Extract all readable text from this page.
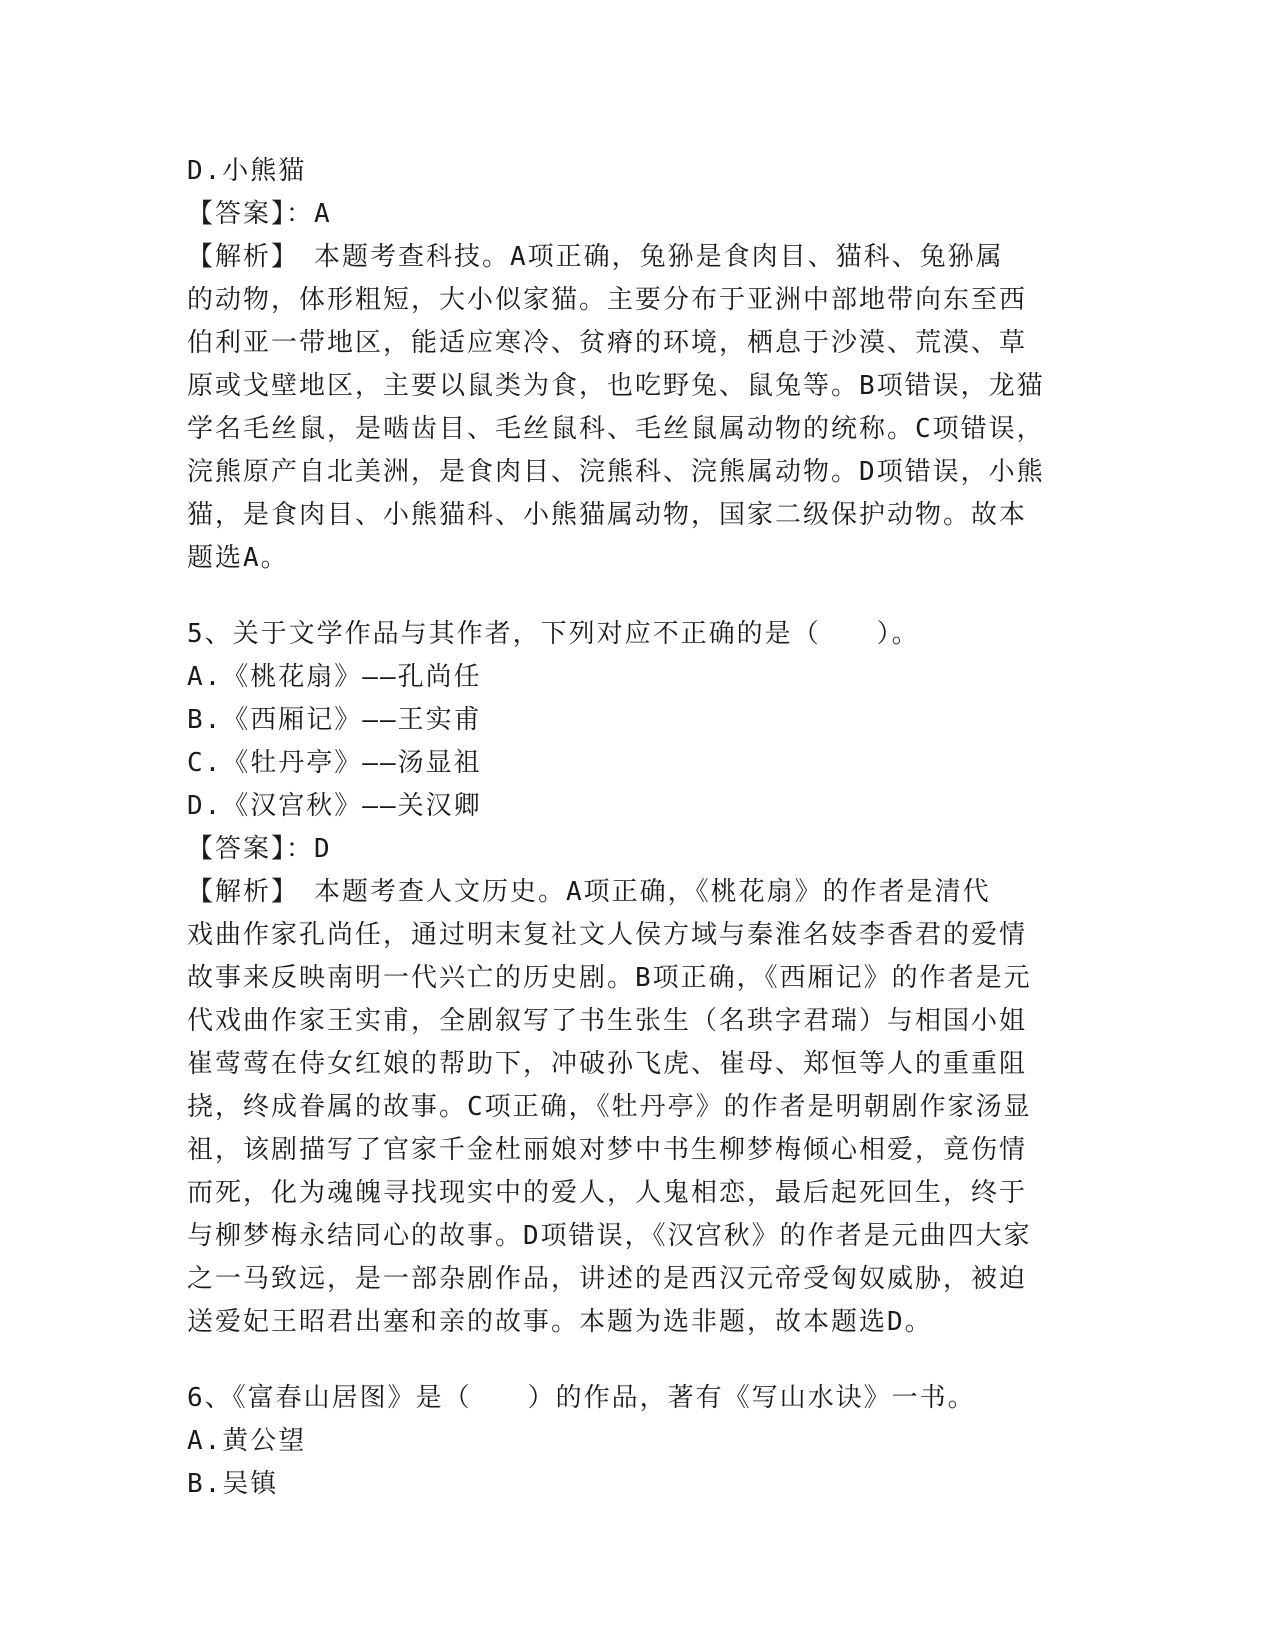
D.小熊猫
【答案】：A
【解析】　本题考查科技。A项正确，兔狲是食肉目、猫科、兔狲属
的动物，体形粗短，大小似家猫。主要分布于亚洲中部地带向东至西
伯利亚一带地区，能适应寒冷、贫瘠的环境，栖息于沙漠、荒漠、草
原或戈壁地区，主要以鼠类为食，也吃野兔、鼠兔等。B项错误，龙猫
学名毛丝鼠，是啮齿目、毛丝鼠科、毛丝鼠属动物的统称。C项错误，
浣熊原产自北美洲，是食肉目、浣熊科、浣熊属动物。D项错误，小熊
猫，是食肉目、小熊猫科、小熊猫属动物，国家二级保护动物。故本
题选A。
5、关于文学作品与其作者，下列对应不正确的是（　　）。
A.《桃花扇》——孔尚任
B.《西厢记》——王实甫
C.《牡丹亭》——汤显祖
D.《汉宫秋》——关汉卿
【答案】：D
【解析】　本题考查人文历史。A项正确，《桃花扇》的作者是清代
戏曲作家孔尚任，通过明末复社文人侯方域与秦淮名妓李香君的爱情
故事来反映南明一代兴亡的历史剧。B项正确，《西厢记》的作者是元
代戏曲作家王实甫，全剧叙写了书生张生（名珙字君瑞）与相国小姐
崔莺莺在侍女红娘的帮助下，冲破孙飞虎、崔母、郑恒等人的重重阻
挠，终成眷属的故事。C项正确，《牡丹亭》的作者是明朝剧作家汤显
祖，该剧描写了官家千金杜丽娘对梦中书生柳梦梅倾心相爱，竟伤情
而死，化为魂魄寻找现实中的爱人，人鬼相恋，最后起死回生，终于
与柳梦梅永结同心的故事。D项错误，《汉宫秋》的作者是元曲四大家
之一马致远，是一部杂剧作品，讲述的是西汉元帝受匈奴威胁，被迫
送爱妃王昭君出塞和亲的故事。本题为选非题，故本题选D。
6、《富春山居图》是（　　）的作品，著有《写山水诀》一书。
A.黄公望
B.吴镇
